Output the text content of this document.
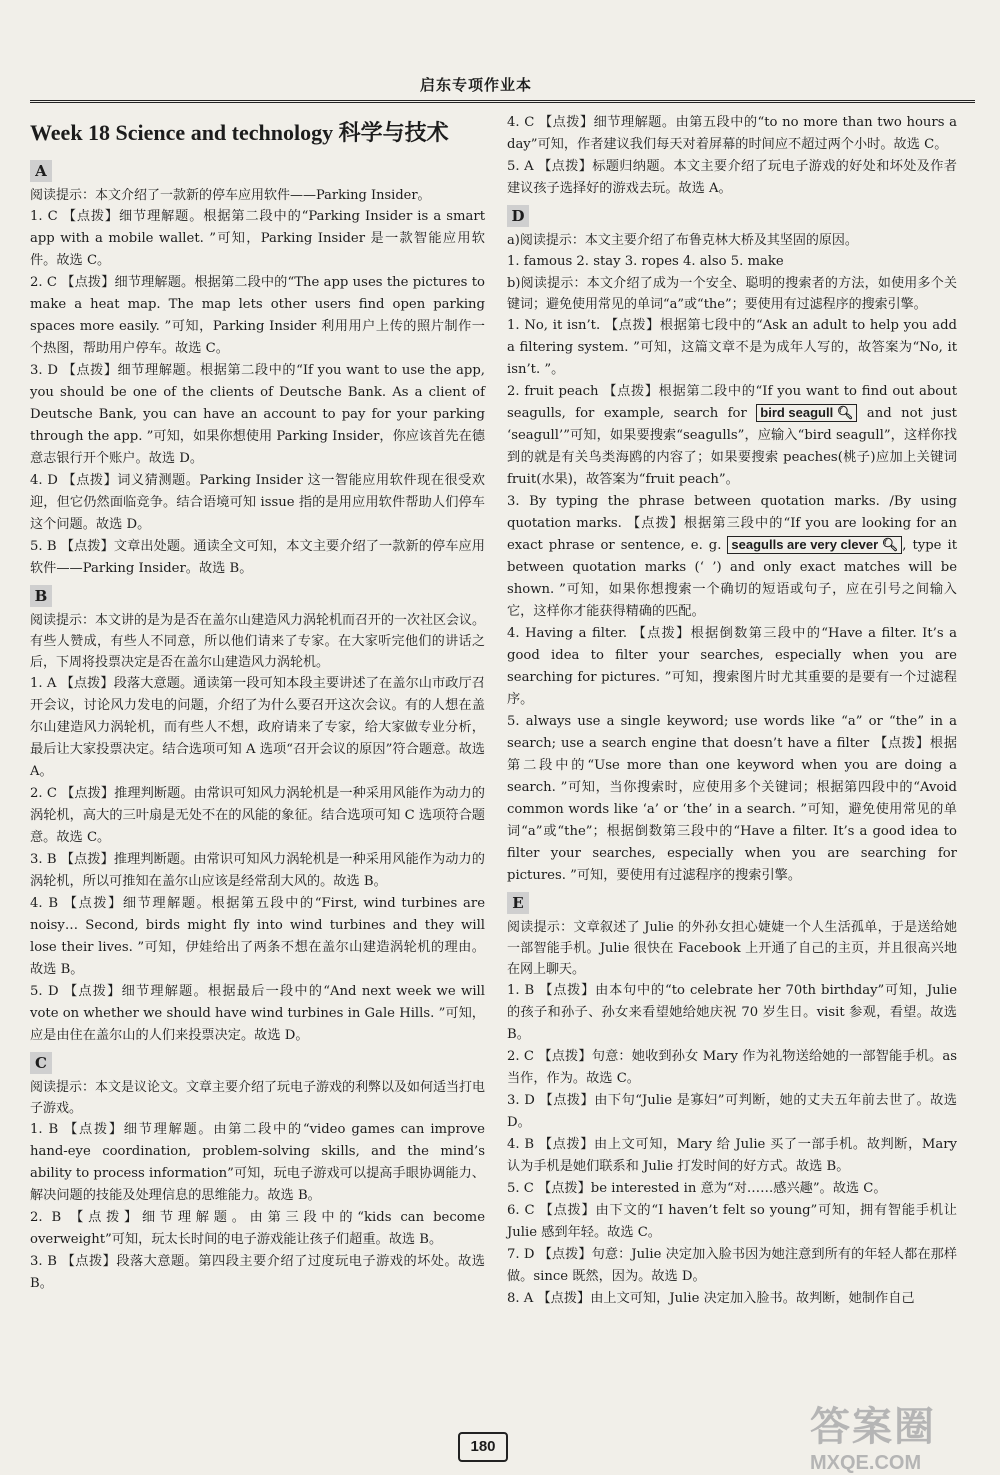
启东专项作业本
Week 18 Science and technology 科学与技术
A

阅读提示：本文介绍了一款新的停车应用软件——Parking Insider。

1. C 【点拨】细节理解题。根据第二段中的“Parking Insider is a smart app with a mobile wallet. ”可知，Parking Insider 是一款智能应用软件。故选 C。

2. C 【点拨】细节理解题。根据第二段中的“The app uses the pictures to make a heat map. The map lets other users find open parking spaces more easily. ”可知，Parking Insider 利用用户上传的照片制作一个热图，帮助用户停车。故选 C。

3. D 【点拨】细节理解题。根据第二段中的“If you want to use the app, you should be one of the clients of Deutsche Bank. As a client of Deutsche Bank, you can have an account to pay for your parking through the app. ”可知，如果你想使用 Parking Insider，你应该首先在德意志银行开个账户。故选 D。

4. D 【点拨】词义猜测题。Parking Insider 这一智能应用软件现在很受欢迎，但它仍然面临竞争。结合语境可知 issue 指的是用应用软件帮助人们停车这个问题。故选 D。

5. B 【点拨】文章出处题。通读全文可知，本文主要介绍了一款新的停车应用软件——Parking Insider。故选 B。

B

阅读提示：本文讲的是为是否在盖尔山建造风力涡轮机而召开的一次社区会议。有些人赞成，有些人不同意，所以他们请来了专家。在大家听完他们的讲话之后，下周将投票决定是否在盖尔山建造风力涡轮机。

1. A 【点拨】段落大意题。通读第一段可知本段主要讲述了在盖尔山市政厅召开会议，讨论风力发电的问题，介绍了为什么要召开这次会议。有的人想在盖尔山建造风力涡轮机，而有些人不想，政府请来了专家，给大家做专业分析，最后让大家投票决定。结合选项可知 A 选项“召开会议的原因”符合题意。故选 A。

2. C 【点拨】推理判断题。由常识可知风力涡轮机是一种采用风能作为动力的涡轮机，高大的三叶扇是无处不在的风能的象征。结合选项可知 C 选项符合题意。故选 C。

3. B 【点拨】推理判断题。由常识可知风力涡轮机是一种采用风能作为动力的涡轮机，所以可推知在盖尔山应该是经常刮大风的。故选 B。

4. B 【点拨】细节理解题。根据第五段中的“First, wind turbines are noisy… Second, birds might fly into wind turbines and they will lose their lives. ”可知，伊娃给出了两条不想在盖尔山建造涡轮机的理由。故选 B。

5. D 【点拨】细节理解题。根据最后一段中的“And next week we will vote on whether we should have wind turbines in Gale Hills. ”可知，应是由住在盖尔山的人们来投票决定。故选 D。

C

阅读提示：本文是议论文。文章主要介绍了玩电子游戏的利弊以及如何适当打电子游戏。

1. B 【点拨】细节理解题。由第二段中的“video games can improve hand-eye coordination, problem-solving skills, and the mind’s ability to process information”可知，玩电子游戏可以提高手眼协调能力、解决问题的技能及处理信息的思维能力。故选 B。

2. B 【点拨】细节理解题。由第三段中的“kids can become overweight”可知，玩太长时间的电子游戏能让孩子们超重。故选 B。

3. B 【点拨】段落大意题。第四段主要介绍了过度玩电子游戏的坏处。故选 B。

4. C 【点拨】细节理解题。由第五段中的“to no more than two hours a day”可知，作者建议我们每天对着屏幕的时间应不超过两个小时。故选 C。

5. A 【点拨】标题归纳题。本文主要介绍了玩电子游戏的好处和坏处及作者建议孩子选择好的游戏去玩。故选 A。

D

a)阅读提示：本文主要介绍了布鲁克林大桥及其坚固的原因。

1. famous 2. stay 3. ropes 4. also 5. make

b)阅读提示：本文介绍了成为一个安全、聪明的搜索者的方法，如使用多个关键词；避免使用常见的单词“a”或“the”；要使用有过滤程序的搜索引擎。

1. No, it isn’t. 【点拨】根据第七段中的“Ask an adult to help you add a filtering system. ”可知，这篇文章不是为成年人写的，故答案为“No, it isn’t. ”。

2. fruit peach 【点拨】根据第二段中的“If you want to find out about seagulls, for example, search for bird seagull 🔍︎ and not just ‘seagull’”可知，如果要搜索“seagulls”，应输入“bird seagull”，这样你找到的就是有关鸟类海鸥的内容了；如果要搜索 peaches(桃子)应加上关键词 fruit(水果)，故答案为“fruit peach”。

3. By typing the phrase between quotation marks. /By using quotation marks. 【点拨】根据第三段中的“If you are looking for an exact phrase or sentence, e. g. seagulls are very clever 🔍︎ , type it between quotation marks (‘ ’) and only exact matches will be shown. ”可知，如果你想搜索一个确切的短语或句子，应在引号之间输入它，这样你才能获得精确的匹配。

4. Having a filter. 【点拨】根据倒数第三段中的“Have a filter. It’s a good idea to filter your searches, especially when you are searching for pictures. ”可知，搜索图片时尤其重要的是要有一个过滤程序。

5. always use a single keyword; use words like “a” or “the” in a search; use a search engine that doesn’t have a filter 【点拨】根据第二段中的“Use more than one keyword when you are doing a search. ”可知，当你搜索时，应使用多个关键词；根据第四段中的“Avoid common words like ‘a’ or ‘the’ in a search. ”可知，避免使用常见的单词“a”或“the”；根据倒数第三段中的“Have a filter. It’s a good idea to filter your searches, especially when you are searching for pictures. ”可知，要使用有过滤程序的搜索引擎。

E

阅读提示：文章叙述了 Julie 的外孙女担心婕婕一个人生活孤单，于是送给她一部智能手机。Julie 很快在 Facebook 上开通了自己的主页，并且很高兴地在网上聊天。

1. B 【点拨】由本句中的“to celebrate her 70th birthday”可知，Julie 的孩子和孙子、孙女来看望她给她庆祝 70 岁生日。visit 参观，看望。故选 B。

2. C 【点拨】句意：她收到孙女 Mary 作为礼物送给她的一部智能手机。as 当作，作为。故选 C。

3. D 【点拨】由下句“Julie 是寡妇”可判断，她的丈夫五年前去世了。故选 D。

4. B 【点拨】由上文可知，Mary 给 Julie 买了一部手机。故判断，Mary 认为手机是她们联系和 Julie 打发时间的好方式。故选 B。

5. C 【点拨】be interested in 意为“对……感兴趣”。故选 C。

6. C 【点拨】由下文的“I haven’t felt so young”可知，拥有智能手机让 Julie 感到年轻。故选 C。

7. D 【点拨】句意：Julie 决定加入脸书因为她注意到所有的年轻人都在那样做。since 既然，因为。故选 D。

8. A 【点拨】由上文可知，Julie 决定加入脸书。故判断，她制作自己

180	答案圈
MXQE.COM
